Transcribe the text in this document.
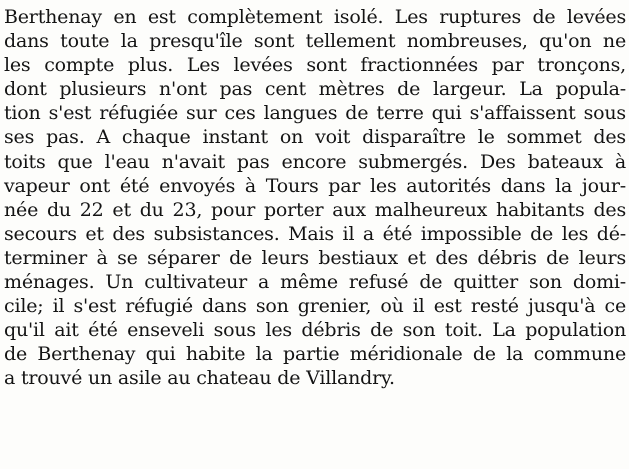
Berthenay en est complètement isolé. Les ruptures de levées
dans toute la presqu'île sont tellement nombreuses, qu'on ne
les compte plus. Les levées sont fractionnées par tronçons,
dont plusieurs n'ont pas cent mètres de largeur. La popula-
tion s'est réfugiée sur ces langues de terre qui s'affaissent sous
ses pas. A chaque instant on voit disparaître le sommet des
toits que l'eau n'avait pas encore submergés. Des bateaux à
vapeur ont été envoyés à Tours par les autorités dans la jour-
née du 22 et du 23, pour porter aux malheureux habitants des
secours et des subsistances. Mais il a été impossible de les dé-
terminer à se séparer de leurs bestiaux et des débris de leurs
ménages. Un cultivateur a même refusé de quitter son domi-
cile; il s'est réfugié dans son grenier, où il est resté jusqu'à ce
qu'il ait été enseveli sous les débris de son toit. La population
de Berthenay qui habite la partie méridionale de la commune
a trouvé un asile au chateau de Villandry.
